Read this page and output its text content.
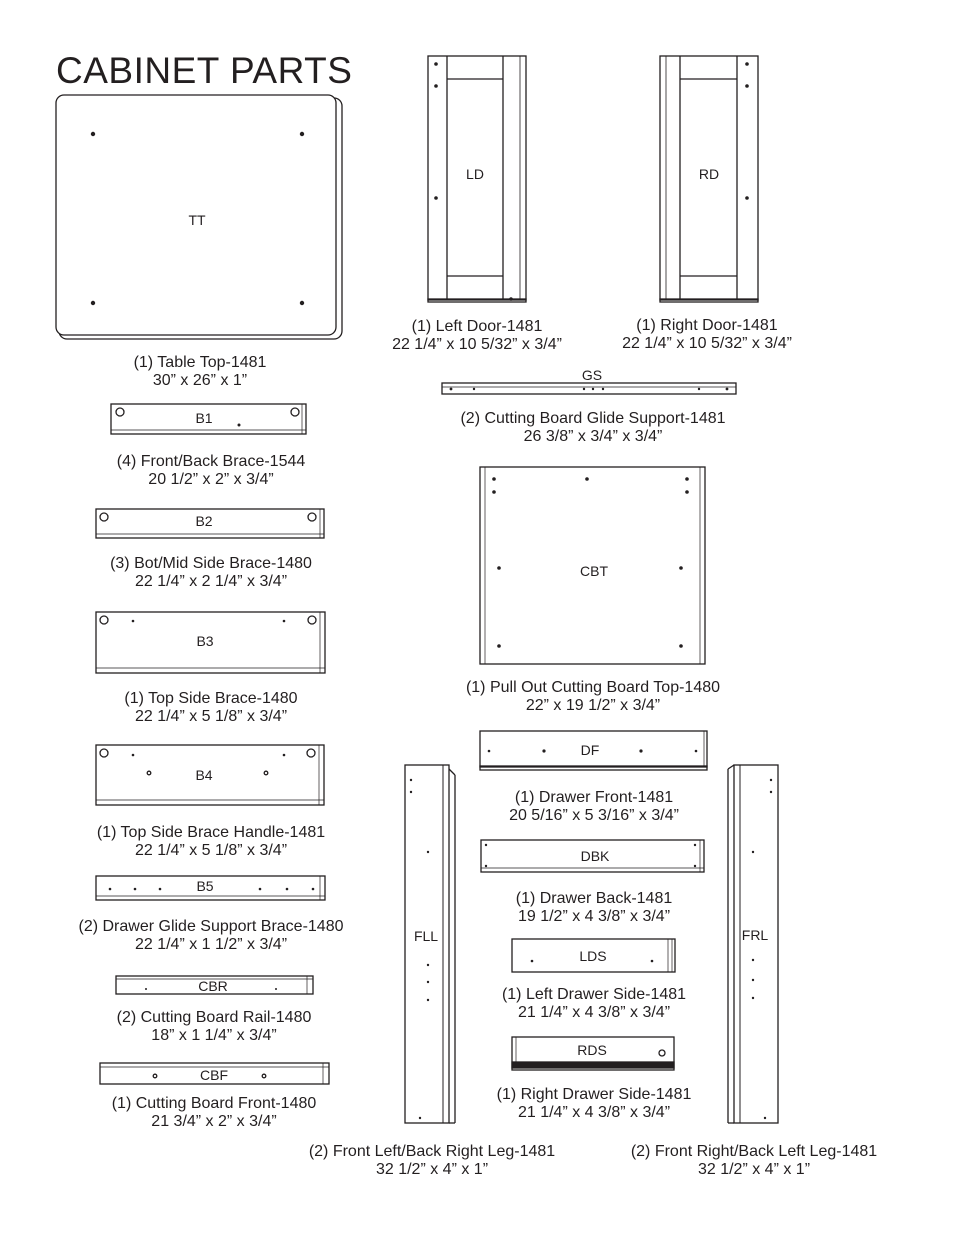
TT
LD	RD
GS
B1
B2
CBT
B3
DF
B4
DBK
B5
LDS
CBR
RDS
CBF
FLL	FRL
CABINET PARTS
(1) Table Top-1481
30” x 26” x 1”
(1) Left Door-1481
22 1/4” x 10 5/32” x 3/4”
(1) Right Door-1481
22 1/4” x 10 5/32” x 3/4”
(2) Cutting Board Glide Support-1481
26 3/8” x 3/4” x 3/4”
(4) Front/Back Brace-1544
20 1/2” x 2” x 3/4”
(3) Bot/Mid Side Brace-1480
22 1/4” x 2 1/4” x 3/4”
(1) Pull Out Cutting Board Top-1480
22” x 19 1/2” x 3/4”
(1) Top Side Brace-1480
22 1/4” x 5 1/8” x 3/4”
(1) Drawer Front-1481
20 5/16” x 5 3/16” x 3/4”
(1) Top Side Brace Handle-1481
22 1/4” x 5 1/8” x 3/4”
(1) Drawer Back-1481
19 1/2” x 4 3/8” x 3/4”
(2) Drawer Glide Support Brace-1480
22 1/4” x 1 1/2” x 3/4”
(1) Left Drawer Side-1481
21 1/4” x 4 3/8” x 3/4”
(2) Cutting Board Rail-1480
18” x 1 1/4” x 3/4”
(1) Right Drawer Side-1481
21 1/4” x 4 3/8” x 3/4”
(1) Cutting Board Front-1480
21 3/4” x 2” x 3/4”
(2) Front Left/Back Right Leg-1481
32 1/2” x 4” x 1”
(2) Front Right/Back Left Leg-1481
32 1/2” x 4” x 1”
